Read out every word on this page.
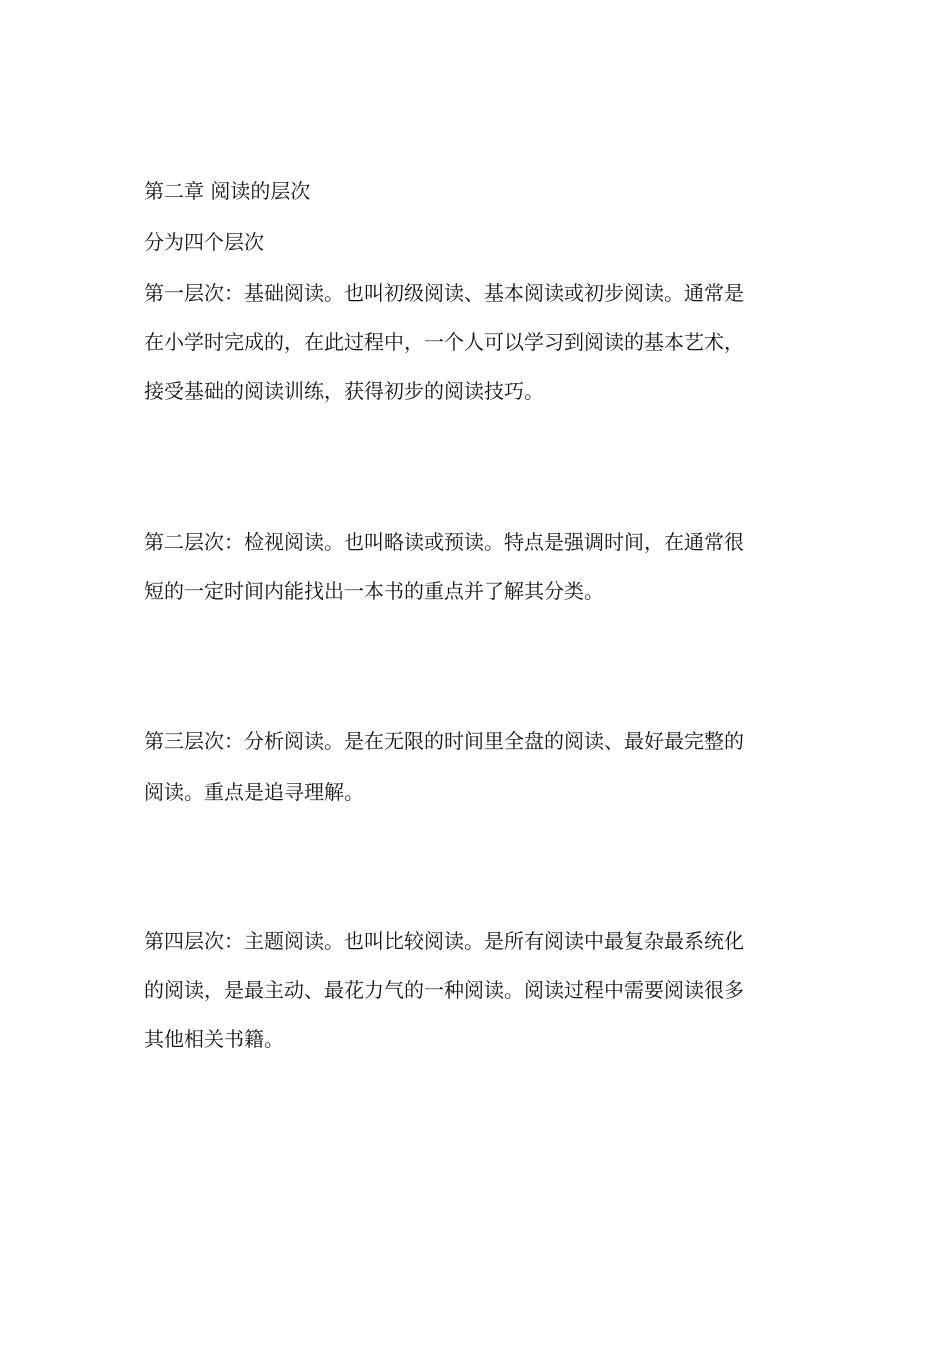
第二章 阅读的层次

分为四个层次

第一层次：基础阅读。也叫初级阅读、基本阅读或初步阅读。通常是

在小学时完成的，在此过程中，一个人可以学习到阅读的基本艺术，

接受基础的阅读训练，获得初步的阅读技巧。

第二层次：检视阅读。也叫略读或预读。特点是强调时间，在通常很

短的一定时间内能找出一本书的重点并了解其分类。

第三层次：分析阅读。是在无限的时间里全盘的阅读、最好最完整的

阅读。重点是追寻理解。

第四层次：主题阅读。也叫比较阅读。是所有阅读中最复杂最系统化

的阅读，是最主动、最花力气的一种阅读。阅读过程中需要阅读很多

其他相关书籍。
